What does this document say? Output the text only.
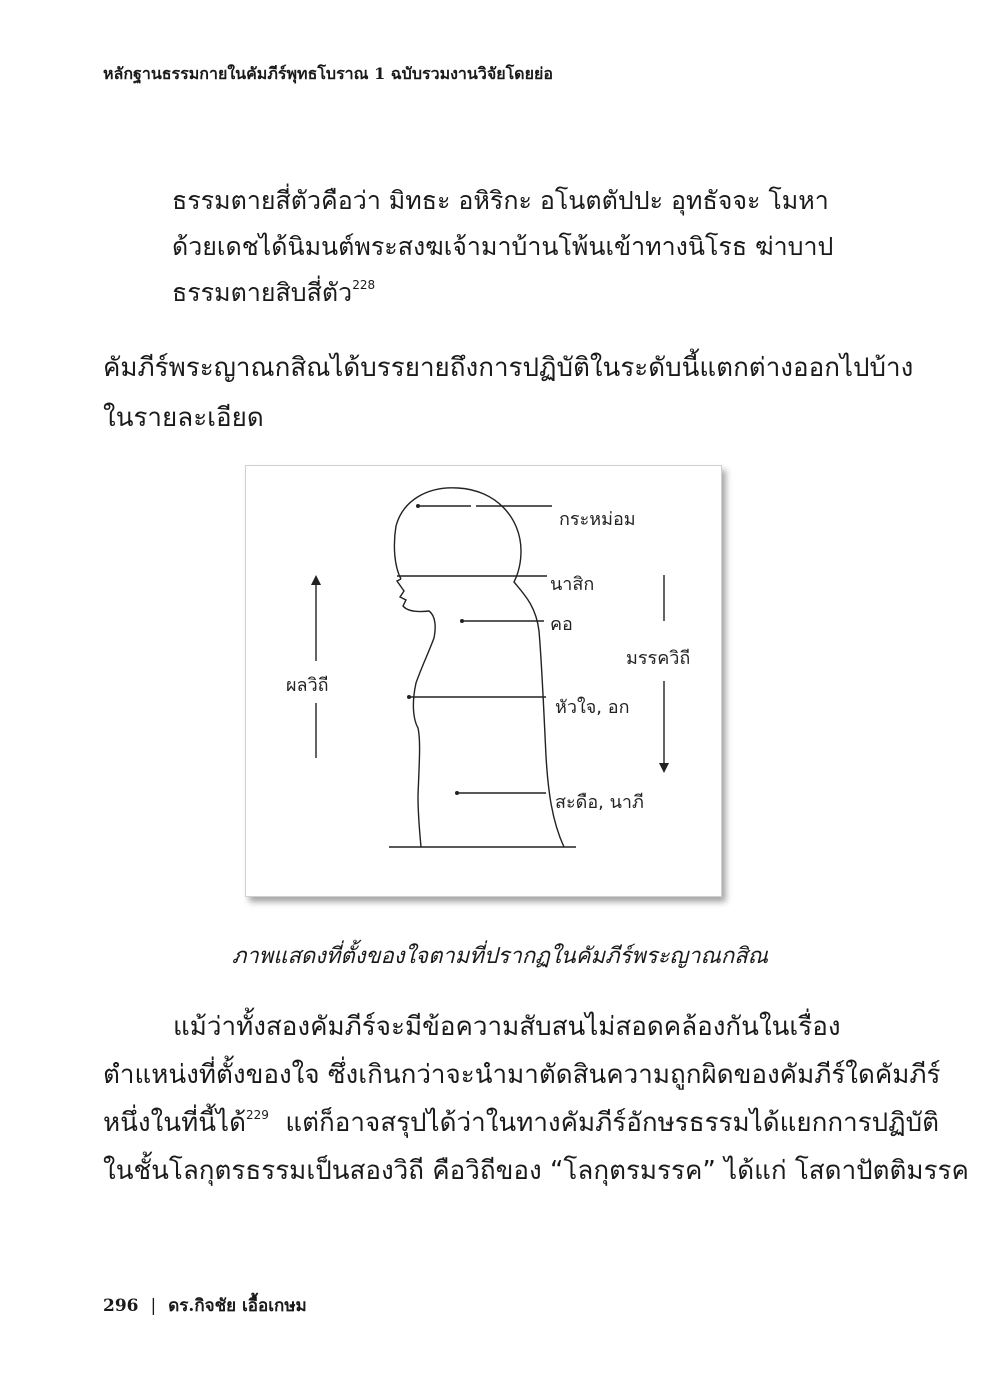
หลักฐานธรรมกายในคัมภีร์พุทธโบราณ 1 ฉบับรวมงานวิจัยโดยย่อ
ธรรมตายสี่ตัวคือว่า มิทธะ อหิริกะ อโนตตัปปะ อุทธัจจะ โมหา
ด้วยเดชได้นิมนต์พระสงฆเจ้ามาบ้านโพ้นเข้าทางนิโรธ ฆ่าบาป
ธรรมตายสิบสี่ตัว$^{228}$
คัมภีร์พระญาณกสิณได้บรรยายถึงการปฏิบัติในระดับนี้แตกต่างออกไปบ้าง
ในรายละเอียด
กระหม่อม
นาสิก
คอ
หัวใจ, อก
สะดือ, นาภี
ผลวิถี
มรรควิถี
ภาพแสดงที่ตั้งของใจตามที่ปรากฏในคัมภีร์พระญาณกสิณ
แม้ว่าทั้งสองคัมภีร์จะมีข้อความสับสนไม่สอดคล้องกันในเรื่อง
ตำแหน่งที่ตั้งของใจ ซึ่งเกินกว่าจะนำมาตัดสินความถูกผิดของคัมภีร์ใดคัมภีร์
หนึ่งในที่นี้ได้$^{229}$  แต่ก็อาจสรุปได้ว่าในทางคัมภีร์อักษรธรรมได้แยกการปฏิบัติ
ในชั้นโลกุตรธรรมเป็นสองวิถี คือวิถีของ “โลกุตรมรรค” ได้แก่ โสดาปัตติมรรค
296 | ดร.กิจชัย เอื้อเกษม
